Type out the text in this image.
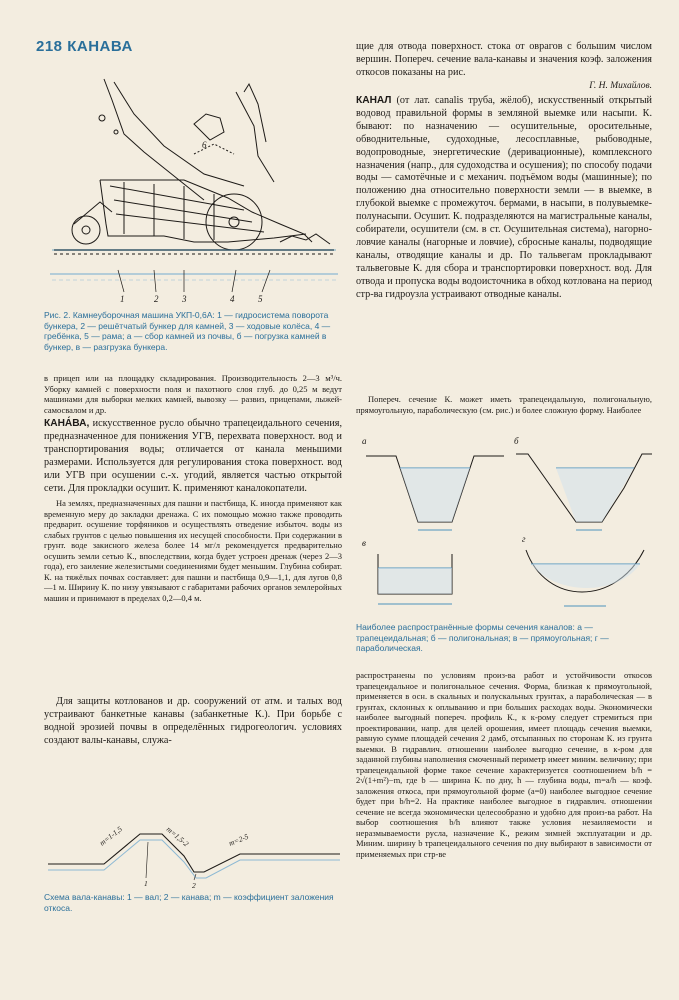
218 КАНАВА
1	2	3	4	5
6

Рис. 2. Камнеуборочная машина УКП-0,6А: 1 — гидросистема поворота бункера, 2 — решётчатый бункер для камней, 3 — ходовые колёса, 4 — гребёнка, 5 — рама; а — сбор камней из почвы, б — погрузка камней в бункер, в — разгрузка бункера.

в прицеп или на площадку складирования. Производительность 2—3 м³/ч. Уборку камней с поверхности поля и пахотного слоя глуб. до 0,25 м ведут машинами для выборки мелких камней, вывозку — развиз, прицепами, лыжей-самосвалом и др.

КАНА́ВА, искусственное русло обычно трапецеидального сечения, предназначенное для понижения УГВ, перехвата поверхност. вод и транспортирования воды; отличается от канала меньшими размерами. Используется для регулирования стока поверхност. вод или УГВ при осушении с.-х. угодий, является частью открытой сети. Для прокладки осушит. К. применяют каналокопатели.

На землях, предназначенных для пашни и пастбища, К. иногда применяют как временную меру до закладки дренажа. С их помощью можно также проводить предварит. осушение торфяников и осуществлять отведение избыточ. воды из слабых грунтов с целью повышения их несущей способности. При содержании в грунт. воде закисного железа более 14 мг/л рекомендуется предварительно осушить земли сетью К., впоследствии, когда будет устроен дренаж (через 2—3 года), его заиление железистыми соединениями будет меньшим. Глубина собират. К. на тяжёлых почвах составляет: для пашни и пастбища 0,9—1,1, для лугов 0,8—1 м. Ширину К. по низу увязывают с габаритами рабочих органов землеройных машин и принимают в пределах 0,2—0,4 м.

Для защиты котлованов и др. сооружений от атм. и талых вод устраивают банкетные канавы (забанкетные К.). При борьбе с водной эрозией почвы в определённых гидрогеологич. условиях создают валы-канавы, служа-

m=1-1,5	m=1,5-2	m=2-5
1	2

Схема вала-канавы: 1 — вал; 2 — канава; m — коэффициент заложения откоса.

щие для отвода поверхност. стока от оврагов с большим числом вершин. Попереч. сечение вала-канавы и значения коэф. заложения откосов показаны на рис.

Г. Н. Михайлов.

КАНА́Л (от лат. canalis труба, жёлоб), искусственный открытый водовод правильной формы в земляной выемке или насыпи. К. бывают: по назначению — осушительные, оросительные, обводнительные, судоходные, лесосплавные, рыбоводные, водопроводные, энергетические (деривационные), комплексного назначения (напр., для судоходства и осушения); по способу подачи воды — самотёчные и с механич. подъёмом воды (машинные); по положению дна относительно поверхности земли — в выемке, в глубокой выемке с промежуточ. бермами, в насыпи, в полувыемке-полунасыпи. Осушит. К. подразделяются на магистральные каналы, собиратели, осушители (см. в ст. Осушительная система), нагорно-ловчие каналы (нагорные и ловчие), сбросные каналы, подводящие каналы, отводящие каналы и др. По тальвегам прокладывают тальвеговые К. для сбора и транспортировки поверхност. вод. Для отвода и пропуска воды водоисточника в обход котлована на период стр-ва гидроузла устраивают отводные каналы.

Попереч. сечение К. может иметь трапецеидальную, полигональную, прямоугольную, параболическую (см. рис.) и более сложную форму. Наиболее

а	б
в	г

Наиболее распространённые формы сечения каналов: а — трапецеидальная; б — полигональная; в — прямоугольная; г — параболическая.

распространены по условиям произ-ва работ и устойчивости откосов трапецеидальное и полигональное сечения. Форма, близкая к прямоугольной, применяется в осн. в скальных и полускальных грунтах, а параболическая — в грунтах, склонных к оплыванию и при больших расходах воды. Экономически наиболее выгодный попереч. профиль К., к к-рому следует стремиться при проектировании, напр. для целей орошения, имеет площадь сечения выемки, равную сумме площадей сечения 2 дамб, отсыпанных по сторонам К. из грунта выемки. В гидравлич. отношении наиболее выгодно сечение, в к-ром для заданной глубины наполнения смоченный периметр имеет миним. величину; при трапецеидальной форме такое сечение характеризуется соотношением b/h = 2√(1+m²)−m, где b — ширина К. по дну, h — глубина воды, m=a/h — коэф. заложения откоса, при прямоугольной форме (a=0) наиболее выгодное сечение будет при b/h=2. На практике наиболее выгодное в гидравлич. отношении сечение не всегда экономически целесообразно и удобно для произ-ва работ. На выбор соотношения b/h влияют также условия незаиляемости и неразмываемости русла, назначение К., режим зимней эксплуатации и др. Миним. ширину b трапецеидального сечения по дну выбирают в зависимости от применяемых при стр-ве
